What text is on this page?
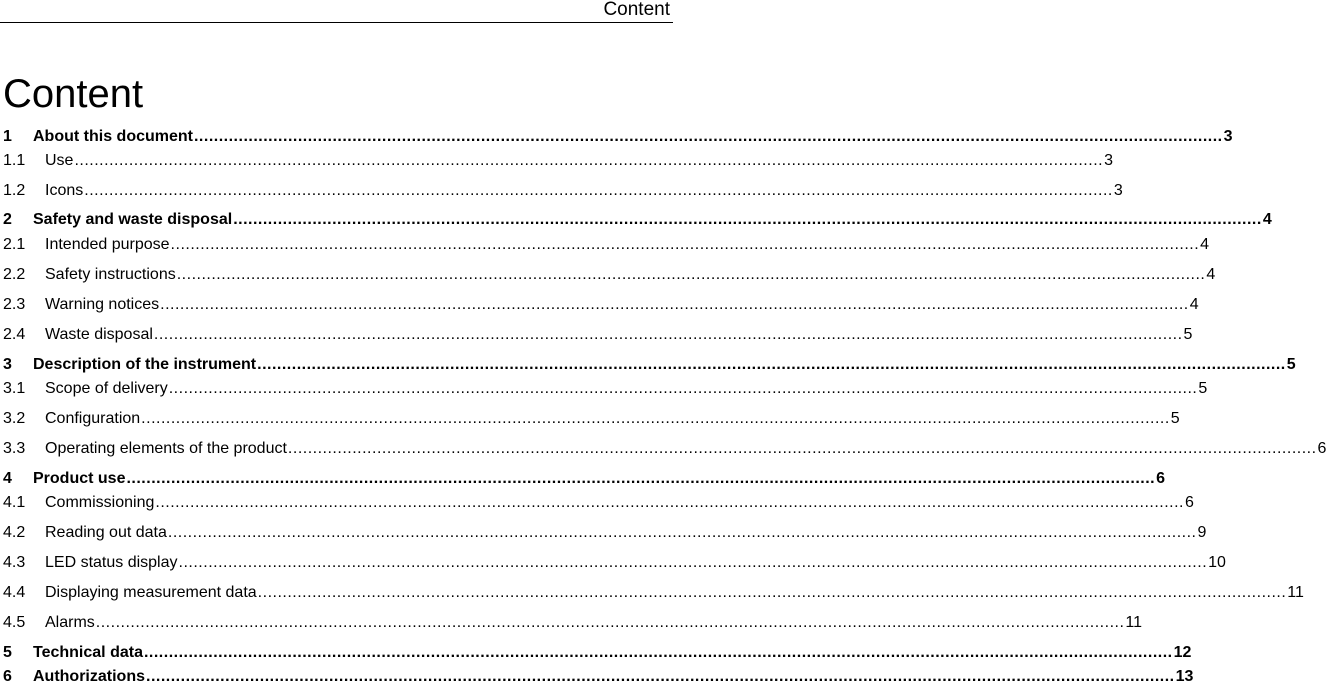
Content
Content
1	About this document ................................................................................................................................................................................................................ 3
1.1	Use ................................................................................................................................................................................................................ 3
1.2	Icons ................................................................................................................................................................................................................ 3
2	Safety and waste disposal ................................................................................................................................................................................................................ 4
2.1	Intended purpose ................................................................................................................................................................................................................ 4
2.2	Safety instructions ................................................................................................................................................................................................................ 4
2.3	Warning notices ................................................................................................................................................................................................................ 4
2.4	Waste disposal ................................................................................................................................................................................................................ 5
3	Description of the instrument ................................................................................................................................................................................................................ 5
3.1	Scope of delivery ................................................................................................................................................................................................................ 5
3.2	Configuration ................................................................................................................................................................................................................ 5
3.3	Operating elements of the product ................................................................................................................................................................................................................ 6
4	Product use ................................................................................................................................................................................................................ 6
4.1	Commissioning ................................................................................................................................................................................................................ 6
4.2	Reading out data ................................................................................................................................................................................................................ 9
4.3	LED status display ................................................................................................................................................................................................................ 10
4.4	Displaying measurement data ................................................................................................................................................................................................................ 11
4.5	Alarms ................................................................................................................................................................................................................ 11
5	Technical data ................................................................................................................................................................................................................ 12
6	Authorizations ................................................................................................................................................................................................................ 13
